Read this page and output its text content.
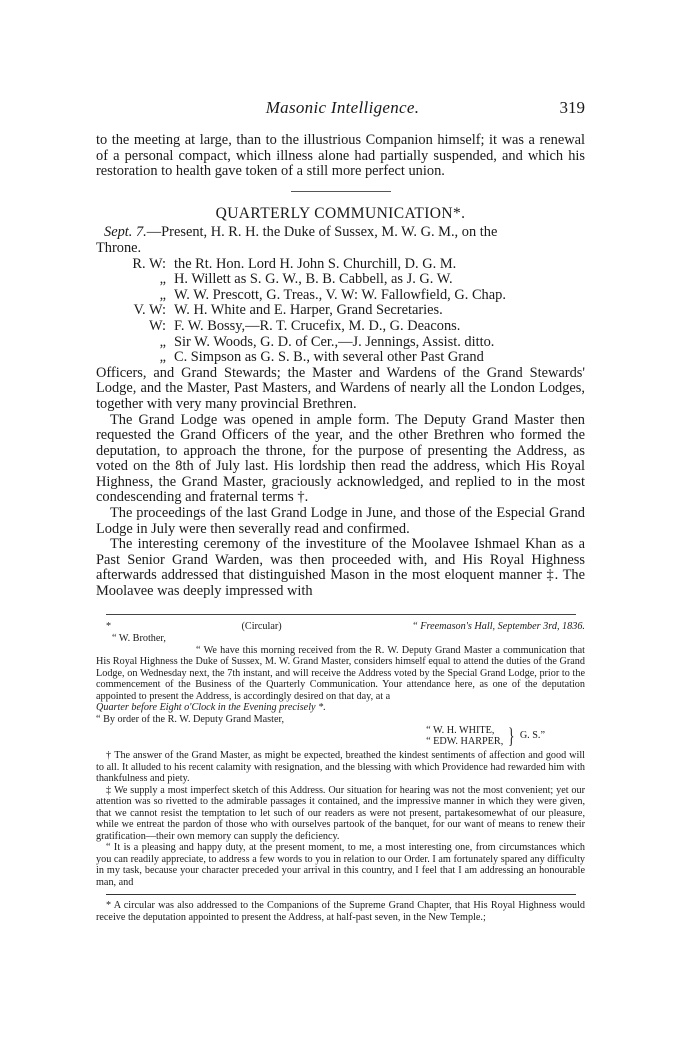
Masonic Intelligence.	319

to the meeting at large, than to the illustrious Companion himself; it was a renewal of a personal compact, which illness alone had partially suspended, and which his restoration to health gave token of a still more perfect union.

QUARTERLY COMMUNICATION*.

Sept. 7.—Present, H. R. H. the Duke of Sussex, M. W. G. M., on the

Throne.

R. W: the Rt. Hon. Lord H. John S. Churchill, D. G. M.
„ H. Willett as S. G. W., B. B. Cabbell, as J. G. W.
„ W. W. Prescott, G. Treas., V. W: W. Fallowfield, G. Chap.
V. W: W. H. White and E. Harper, Grand Secretaries.
W: F. W. Bossy,—R. T. Crucefix, M. D., G. Deacons.
„ Sir W. Woods, G. D. of Cer.,—J. Jennings, Assist. ditto.
„ C. Simpson as G. S. B., with several other Past Grand

Officers, and Grand Stewards; the Master and Wardens of the Grand Stewards' Lodge, and the Master, Past Masters, and Wardens of nearly all the London Lodges, together with very many provincial Brethren.

The Grand Lodge was opened in ample form. The Deputy Grand Master then requested the Grand Officers of the year, and the other Brethren who formed the deputation, to approach the throne, for the purpose of presenting the Address, as voted on the 8th of July last. His lordship then read the address, which His Royal Highness, the Grand Master, graciously acknowledged, and replied to in the most condescending and fraternal terms †.

The proceedings of the last Grand Lodge in June, and those of the Especial Grand Lodge in July were then severally read and confirmed.

The interesting ceremony of the investiture of the Moolavee Ishmael Khan as a Past Senior Grand Warden, was then proceeded with, and His Royal Highness afterwards addressed that distinguished Mason in the most eloquent manner ‡. The Moolavee was deeply impressed with

*	(Circular)	“ Freemason's Hall, September 3rd, 1836.

“ W. Brother,

“ We have this morning received from the R. W. Deputy Grand Master a communication that His Royal Highness the Duke of Sussex, M. W. Grand Master, considers himself equal to attend the duties of the Grand Lodge, on Wednesday next, the 7th instant, and will receive the Address voted by the Special Grand Lodge, prior to the commencement of the Business of the Quarterly Communication. Your attendance here, as one of the deputation appointed to present the Address, is accordingly desired on that day, at a

Quarter before Eight o'Clock in the Evening precisely *.

“ By order of the R. W. Deputy Grand Master,

“ W. H. WHITE,
“ EDW. HARPER, } G. S.”

† The answer of the Grand Master, as might be expected, breathed the kindest sentiments of affection and good will to all. It alluded to his recent calamity with resignation, and the blessing with which Providence had rewarded him with thankfulness and piety.

‡ We supply a most imperfect sketch of this Address. Our situation for hearing was not the most convenient; yet our attention was so rivetted to the admirable passages it contained, and the impressive manner in which they were given, that we cannot resist the temptation to let such of our readers as were not present, partakesomewhat of our pleasure, while we entreat the pardon of those who with ourselves partook of the banquet, for our want of means to renew their gratification—their own memory can supply the deficiency.

“ It is a pleasing and happy duty, at the present moment, to me, a most interesting one, from circumstances which you can readily appreciate, to address a few words to you in relation to our Order. I am fortunately spared any difficulty in my task, because your character preceded your arrival in this country, and I feel that I am addressing an honourable man, and

* A circular was also addressed to the Companions of the Supreme Grand Chapter, that His Royal Highness would receive the deputation appointed to present the Address, at half-past seven, in the New Temple.;
